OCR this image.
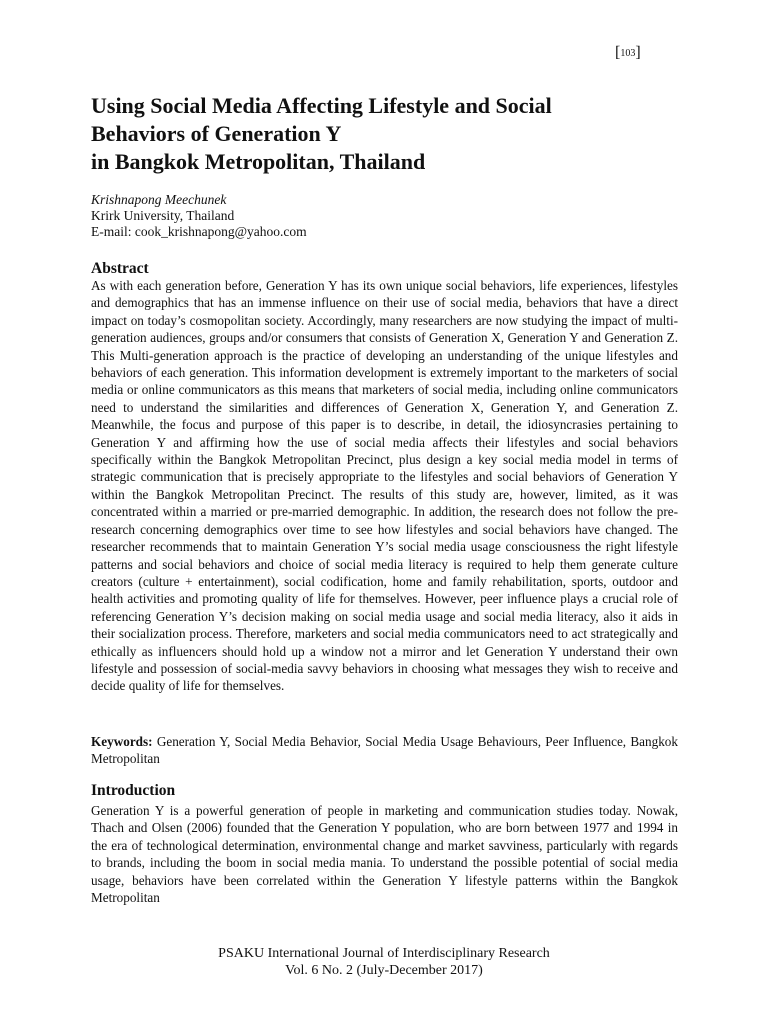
[103]
Using Social Media Affecting Lifestyle and Social
Behaviors of Generation Y
in Bangkok Metropolitan, Thailand
Krishnapong Meechunek
Krirk University, Thailand
E-mail: cook_krishnapong@yahoo.com
Abstract

As with each generation before, Generation Y has its own unique social behaviors, life experiences, lifestyles and demographics that has an immense influence on their use of social media, behaviors that have a direct impact on today’s cosmopolitan society. Accordingly, many researchers are now studying the impact of multi-generation audiences, groups and/or consumers that consists of Generation X, Generation Y and Generation Z. This Multi-generation approach is the practice of developing an understanding of the unique lifestyles and behaviors of each generation. This information development is extremely important to the marketers of social media or online communicators as this means that marketers of social media, including online communicators need to understand the similarities and differences of Generation X, Generation Y, and Generation Z. Meanwhile, the focus and purpose of this paper is to describe, in detail, the idiosyncrasies pertaining to Generation Y and affirming how the use of social media affects their lifestyles and social behaviors specifically within the Bangkok Metropolitan Precinct, plus design a key social media model in terms of strategic communication that is precisely appropriate to the lifestyles and social behaviors of Generation Y within the Bangkok Metropolitan Precinct. The results of this study are, however, limited, as it was concentrated within a married or pre-married demographic. In addition, the research does not follow the pre-research concerning demographics over time to see how lifestyles and social behaviors have changed. The researcher recommends that to maintain Generation Y’s social media usage consciousness the right lifestyle patterns and social behaviors and choice of social media literacy is required to help them generate culture creators (culture + entertainment), social codification, home and family rehabilitation, sports, outdoor and health activities and promoting quality of life for themselves. However, peer influence plays a crucial role of referencing Generation Y’s decision making on social media usage and social media literacy, also it aids in their socialization process. Therefore, marketers and social media communicators need to act strategically and ethically as influencers should hold up a window not a mirror and let Generation Y understand their own lifestyle and possession of social-media savvy behaviors in choosing what messages they wish to receive and decide quality of life for themselves.

Keywords: Generation Y, Social Media Behavior, Social Media Usage Behaviours, Peer Influence, Bangkok Metropolitan

Introduction

Generation Y is a powerful generation of people in marketing and communication studies today. Nowak, Thach and Olsen (2006) founded that the Generation Y population, who are born between 1977 and 1994 in the era of technological determination, environmental change and market savviness, particularly with regards to brands, including the boom in social media mania. To understand the possible potential of social media usage, behaviors have been correlated within the Generation Y lifestyle patterns within the Bangkok Metropolitan

PSAKU International Journal of Interdisciplinary Research
Vol. 6 No. 2 (July-December 2017)
